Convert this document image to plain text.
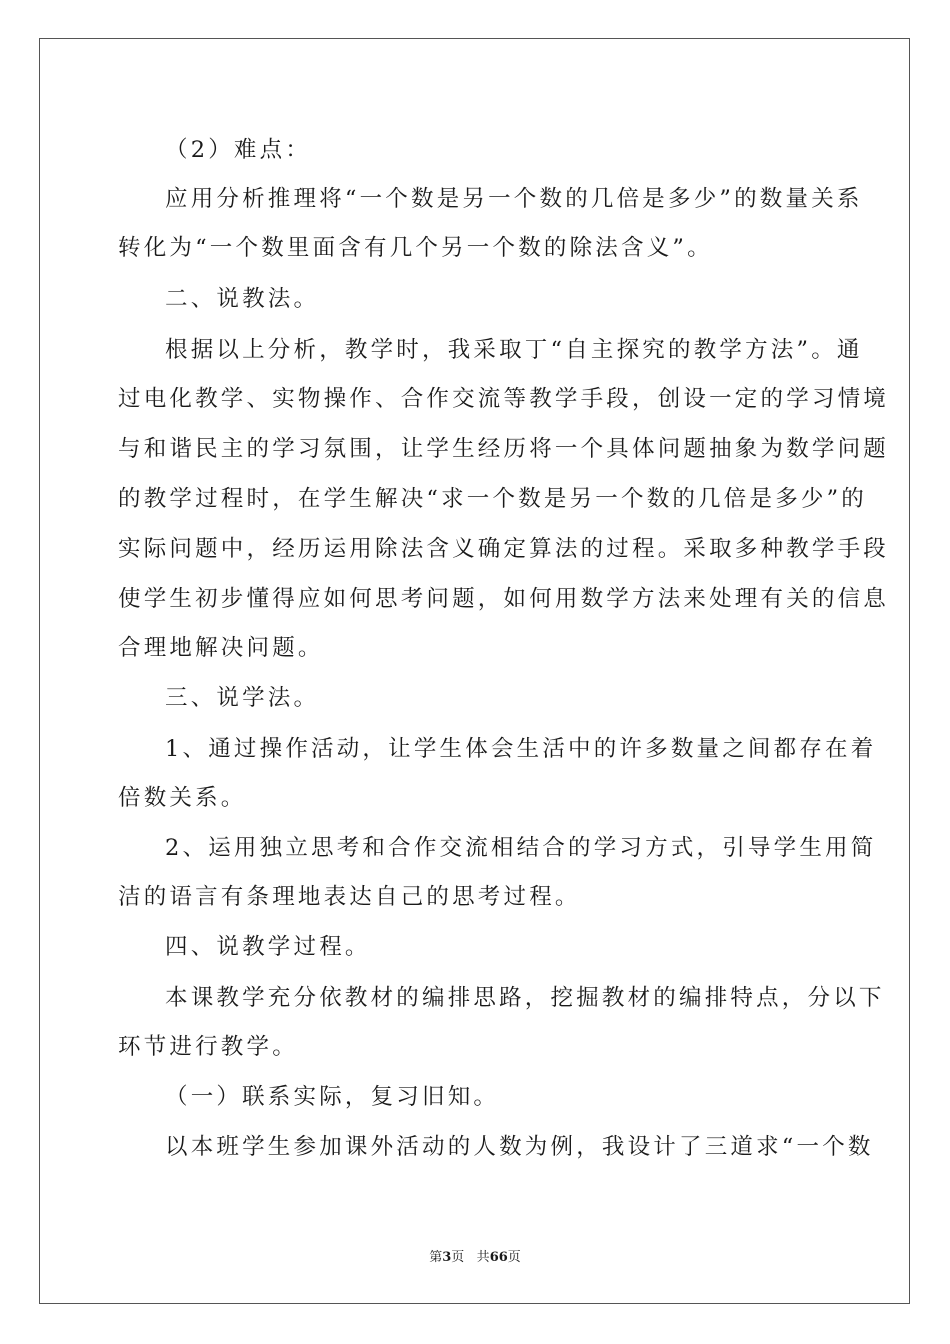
（2）难点：
应用分析推理将“一个数是另一个数的几倍是多少”的数量关系
转化为“一个数里面含有几个另一个数的除法含义”。
二、说教法。
根据以上分析，教学时，我采取丁“自主探究的教学方法”。通
过电化教学、实物操作、合作交流等教学手段，创设一定的学习情境
与和谐民主的学习氛围，让学生经历将一个具体问题抽象为数学问题
的教学过程时，在学生解决“求一个数是另一个数的几倍是多少”的
实际问题中，经历运用除法含义确定算法的过程。采取多种教学手段
使学生初步懂得应如何思考问题，如何用数学方法来处理有关的信息
合理地解决问题。
三、说学法。
1、通过操作活动，让学生体会生活中的许多数量之间都存在着
倍数关系。
2、运用独立思考和合作交流相结合的学习方式，引导学生用简
洁的语言有条理地表达自己的思考过程。
四、说教学过程。
本课教学充分依教材的编排思路，挖掘教材的编排特点，分以下
环节进行教学。
（一）联系实际，复习旧知。
以本班学生参加课外活动的人数为例，我设计了三道求“一个数
第3页 共66页
